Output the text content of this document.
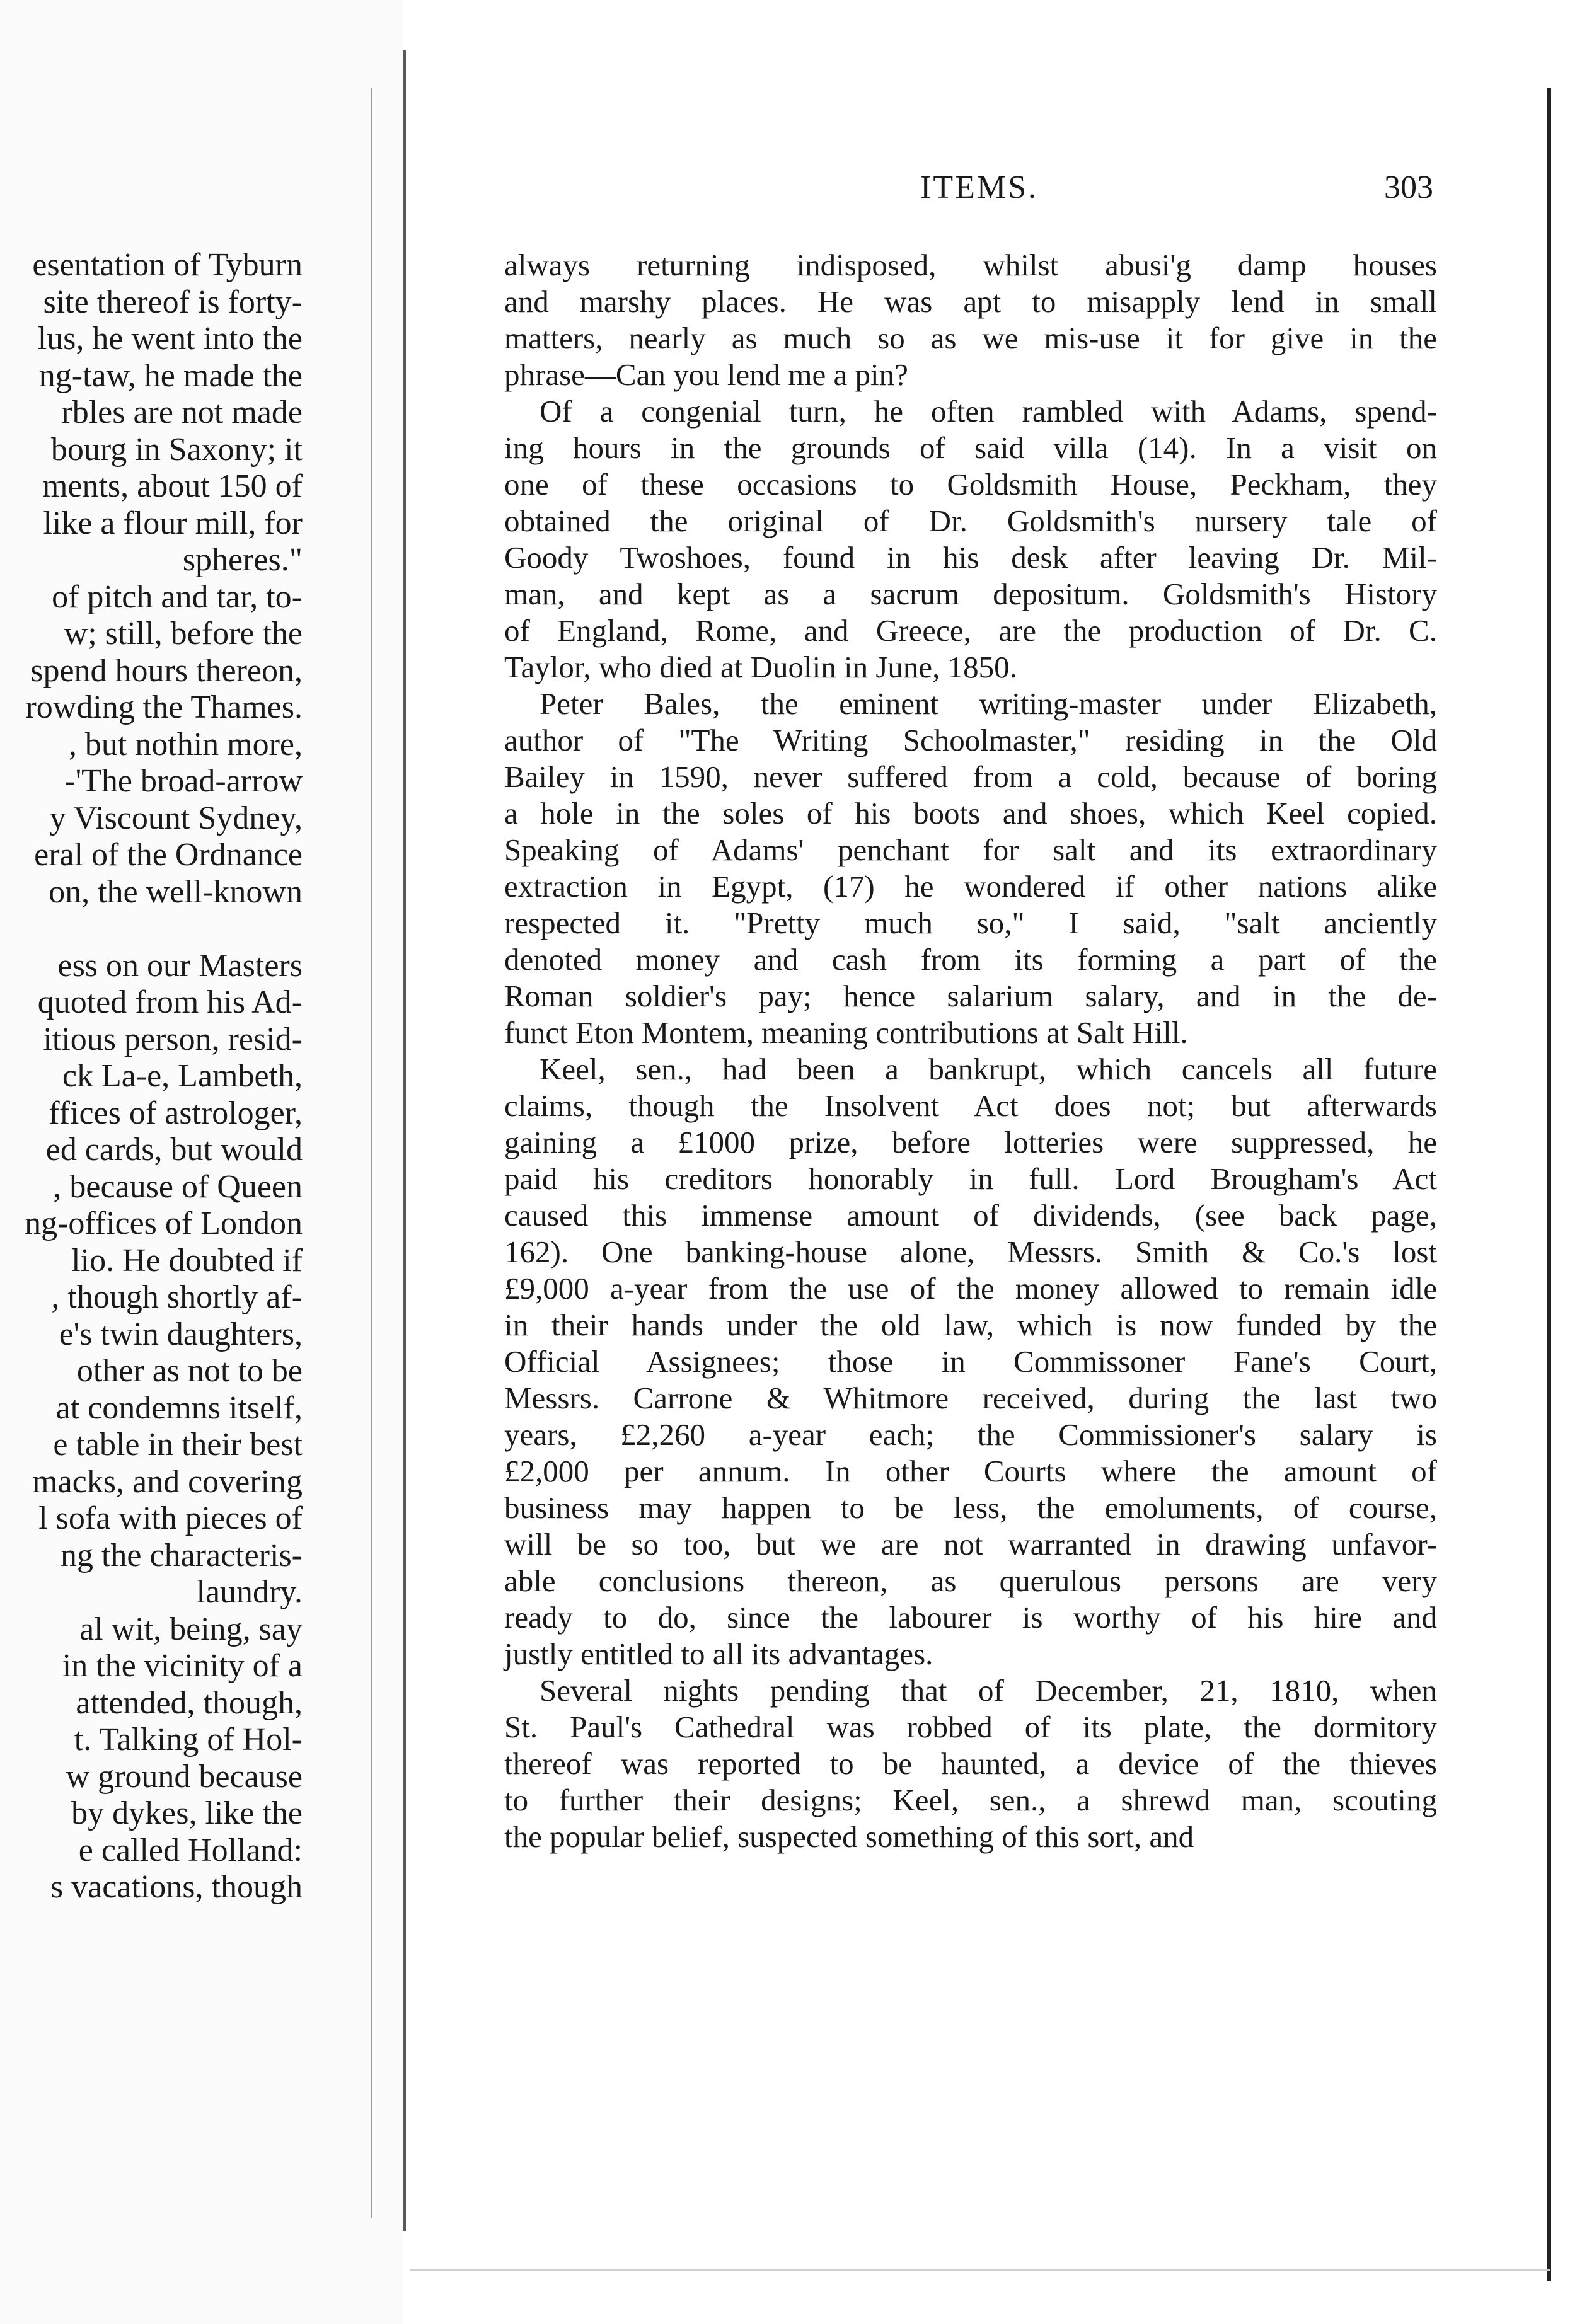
esentation of Tyburn
site thereof is forty-
lus, he went into the
ng-taw, he made the
rbles are not made
bourg in Saxony; it
ments, about 150 of
like a flour mill, for
spheres."
of pitch and tar, to-
w; still, before the
spend hours thereon,
rowding the Thames.
, but nothin more,
-'The broad-arrow
y Viscount Sydney,
eral of the Ordnance
on, the well-known
ess on our Masters
quoted from his Ad-
itious person, resid-
ck La-e, Lambeth,
ffices of astrologer,
ed cards, but would
, because of Queen
ng-offices of London
lio. He doubted if
, though shortly af-
e's twin daughters,
other as not to be
at condemns itself,
e table in their best
macks, and covering
l sofa with pieces of
ng the characteris-
laundry.
al wit, being, say
in the vicinity of a
attended, though,
t. Talking of Hol-
w ground because
by dykes, like the
e called Holland:
s vacations, though
ITEMS.	303
always returning indisposed, whilst abusi'g damp houses
and marshy places. He was apt to misapply lend in small
matters, nearly as much so as we mis-use it for give in the
phrase—Can you lend me a pin?
Of a congenial turn, he often rambled with Adams, spend-
ing hours in the grounds of said villa (14). In a visit on
one of these occasions to Goldsmith House, Peckham, they
obtained the original of Dr. Goldsmith's nursery tale of
Goody Twoshoes, found in his desk after leaving Dr. Mil-
man, and kept as a sacrum depositum. Goldsmith's History
of England, Rome, and Greece, are the production of Dr. C.
Taylor, who died at Duolin in June, 1850.
Peter Bales, the eminent writing-master under Elizabeth,
author of "The Writing Schoolmaster," residing in the Old
Bailey in 1590, never suffered from a cold, because of boring
a hole in the soles of his boots and shoes, which Keel copied.
Speaking of Adams' penchant for salt and its extraordinary
extraction in Egypt, (17) he wondered if other nations alike
respected it. "Pretty much so," I said, "salt anciently
denoted money and cash from its forming a part of the
Roman soldier's pay; hence salarium salary, and in the de-
funct Eton Montem, meaning contributions at Salt Hill.
Keel, sen., had been a bankrupt, which cancels all future
claims, though the Insolvent Act does not; but afterwards
gaining a £1000 prize, before lotteries were suppressed, he
paid his creditors honorably in full. Lord Brougham's Act
caused this immense amount of dividends, (see back page,
162). One banking-house alone, Messrs. Smith & Co.'s lost
£9,000 a-year from the use of the money allowed to remain idle
in their hands under the old law, which is now funded by the
Official Assignees; those in Commissoner Fane's Court,
Messrs. Carrone & Whitmore received, during the last two
years, £2,260 a-year each; the Commissioner's salary is
£2,000 per annum. In other Courts where the amount of
business may happen to be less, the emoluments, of course,
will be so too, but we are not warranted in drawing unfavor-
able conclusions thereon, as querulous persons are very
ready to do, since the labourer is worthy of his hire and
justly entitled to all its advantages.
Several nights pending that of December, 21, 1810, when
St. Paul's Cathedral was robbed of its plate, the dormitory
thereof was reported to be haunted, a device of the thieves
to further their designs; Keel, sen., a shrewd man, scouting
the popular belief, suspected something of this sort, and
